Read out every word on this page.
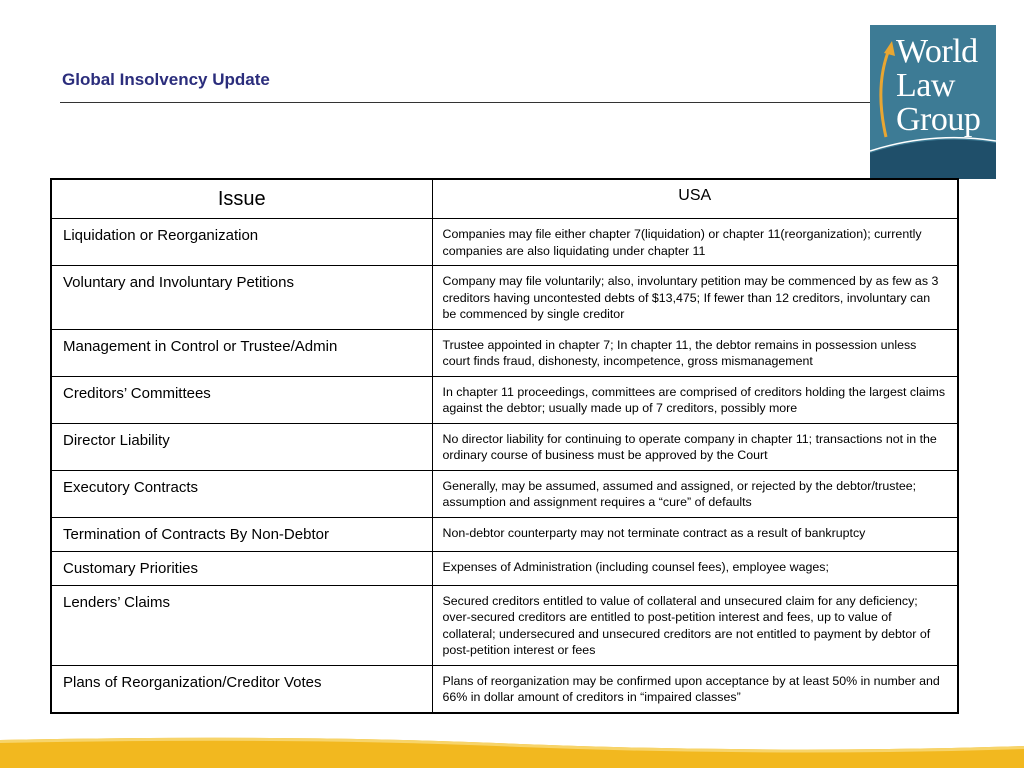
Global Insolvency Update
World
Law
Group
Issue	USA
Liquidation or Reorganization	Companies may file either chapter 7(liquidation) or chapter 11(reorganization); currently companies are also liquidating under chapter 11
Voluntary and Involuntary Petitions	Company may file voluntarily; also, involuntary petition may be commenced by as few as 3 creditors having uncontested debts of $13,475; If fewer than 12 creditors, involuntary can be commenced by single creditor
Management in Control or Trustee/Admin	Trustee appointed in chapter 7; In chapter 11, the debtor remains in possession unless court finds fraud, dishonesty, incompetence, gross mismanagement
Creditors’ Committees	In chapter 11 proceedings, committees are comprised of creditors holding the largest claims against the debtor; usually made up of 7 creditors, possibly more
Director Liability	No director liability for continuing to operate company in chapter 11; transactions not in the ordinary course of business must be approved by the Court
Executory Contracts	Generally, may be assumed, assumed and assigned, or rejected by the debtor/trustee; assumption and assignment requires a “cure” of defaults
Termination of Contracts By Non-Debtor	Non-debtor counterparty may not terminate contract as a result of bankruptcy
Customary Priorities	Expenses of Administration (including counsel fees), employee wages;
Lenders’ Claims	Secured creditors entitled to value of collateral and unsecured claim for any deficiency; over-secured creditors are entitled to post-petition interest and fees, up to value of collateral; undersecured and unsecured creditors are not entitled to payment by debtor of post-petition interest or fees
Plans of Reorganization/Creditor Votes	Plans of reorganization may be confirmed upon acceptance by at least 50% in number and 66% in dollar amount of creditors in “impaired classes”
